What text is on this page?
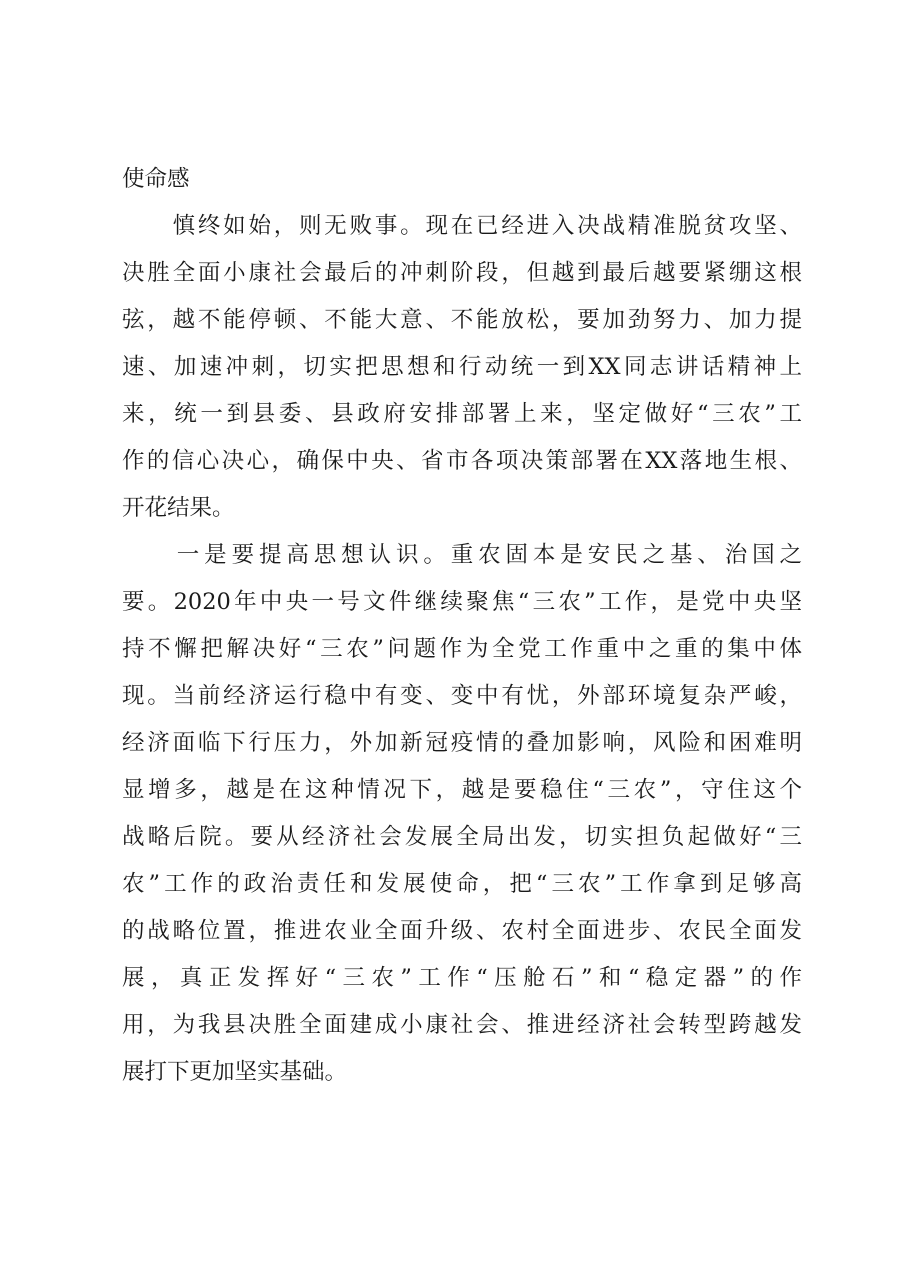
使命感
　　慎终如始，则无败事。现在已经进入决战精准脱贫攻坚、
决胜全面小康社会最后的冲刺阶段，但越到最后越要紧绷这根
弦，越不能停顿、不能大意、不能放松，要加劲努力、加力提
速、加速冲刺，切实把思想和行动统一到XX同志讲话精神上
来，统一到县委、县政府安排部署上来，坚定做好“三农”工
作的信心决心，确保中央、省市各项决策部署在XX落地生根、
开花结果。
　　一是要提高思想认识。重农固本是安民之基、治国之
要。2020年中央一号文件继续聚焦“三农”工作，是党中央坚
持不懈把解决好“三农”问题作为全党工作重中之重的集中体
现。当前经济运行稳中有变、变中有忧，外部环境复杂严峻，
经济面临下行压力，外加新冠疫情的叠加影响，风险和困难明
显增多，越是在这种情况下，越是要稳住“三农”，守住这个
战略后院。要从经济社会发展全局出发，切实担负起做好“三
农”工作的政治责任和发展使命，把“三农”工作拿到足够高
的战略位置，推进农业全面升级、农村全面进步、农民全面发
展，真正发挥好“三农”工作“压舱石”和“稳定器”的作
用，为我县决胜全面建成小康社会、推进经济社会转型跨越发
展打下更加坚实基础。
